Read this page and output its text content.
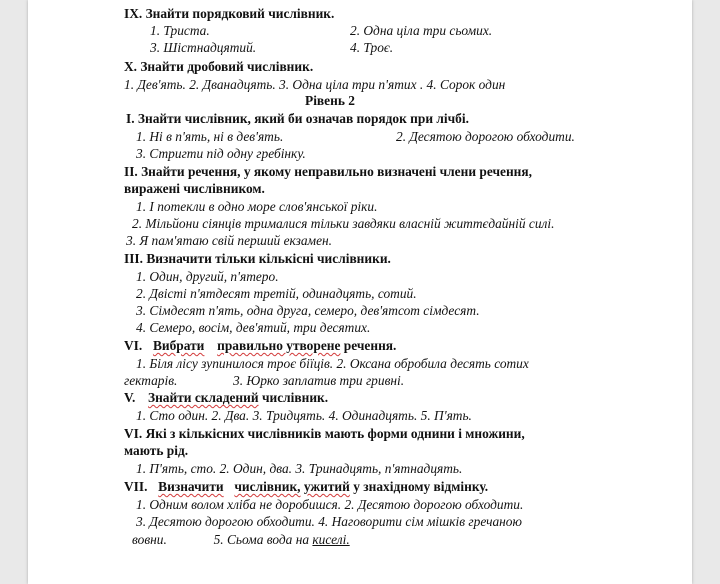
IX. Знайти порядковий числівник.
1. Триста.	2. Одна ціла три сьомих.
3. Шістнадцятий.	4. Троє.
X. Знайти дробовий числівник.
1. Дев'ять. 2. Дванадцять. 3. Одна ціла три п'ятих . 4. Сорок один
Рівень 2
І. Знайти числівник, який би означав порядок при лічбі.
1. Ні в п'ять, ні в дев'ять.	2. Десятою дорогою обходити.
3. Стригти під одну гребінку.
II. Знайти речення, у якому неправильно визначені члени речення,
виражені числівником.
1. І потекли в одно море слов'янської ріки.
2. Мільйони сіянців трималися тільки завдяки власній життєдайній силі.
3. Я пам'ятаю свій перший екзамен.
III. Визначити тільки кількісні числівники.
1. Один, другий, п'ятеро.
2. Двісті п'ятдесят третій, одинадцять, сотий.
3. Сімдесят п'ять, одна друга, семеро, дев'ятсот сімдесят.
4. Семеро, восім, дев'ятий, три десятих.
VI. Вибрати правильно утворене речення.
1. Біля лісу зупинилося троє біїців. 2. Оксана обробила десять сотих
гектарів.	3. Юрко заплатив три гривні.
V. Знайти складений числівник.
1. Сто один. 2. Два. 3. Тридцять. 4. Одинадцять. 5. П'ять.
VI. Які з кількісних числівників мають форми однини і множини,
мають рід.
1. П'ять, сто. 2. Один, два. 3. Тринадцять, п'ятнадцять.
VII. Визначити числівник, ужитий у знахідному відмінку.
1. Одним волом хліба не доробишся. 2. Десятою дорогою обходити.
3. Десятою дорогою обходити. 4. Наговорити сім мішків гречаною
вовни.	5. Сьома вода на киселі.
